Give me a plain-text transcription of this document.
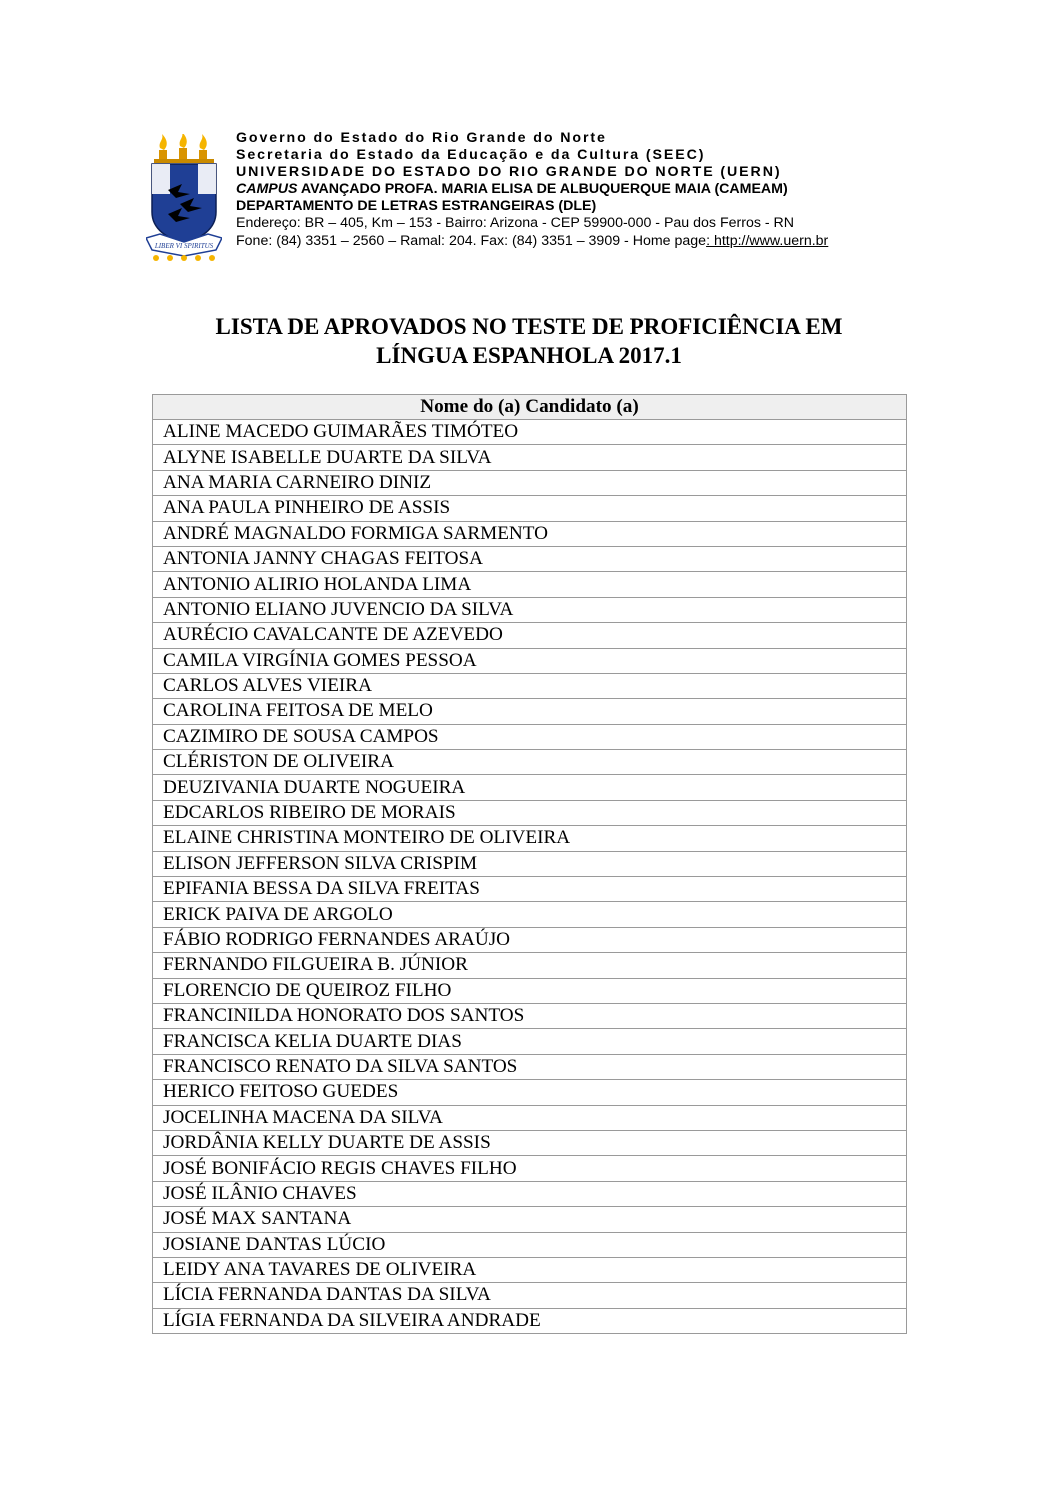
LIBER VI SPIRITUS
Governo do Estado do Rio Grande do Norte
Secretaria do Estado da Educação e da Cultura (SEEC)
UNIVERSIDADE DO ESTADO DO RIO GRANDE DO NORTE (UERN)
CAMPUS AVANÇADO PROFA. MARIA ELISA DE ALBUQUERQUE MAIA (CAMEAM)
DEPARTAMENTO DE LETRAS ESTRANGEIRAS (DLE)
Endereço: BR – 405, Km – 153 - Bairro: Arizona - CEP 59900-000 - Pau dos Ferros - RN
Fone: (84) 3351 – 2560 – Ramal: 204. Fax: (84) 3351 – 3909 - Home page: http://www.uern.br
LISTA DE APROVADOS NO TESTE DE PROFICIÊNCIA EM
LÍNGUA ESPANHOLA 2017.1
Nome do (a) Candidato (a)
ALINE MACEDO GUIMARÃES TIMÓTEO
ALYNE ISABELLE DUARTE DA SILVA
ANA MARIA CARNEIRO DINIZ
ANA PAULA PINHEIRO DE ASSIS
ANDRÉ MAGNALDO FORMIGA SARMENTO
ANTONIA JANNY CHAGAS FEITOSA
ANTONIO ALIRIO HOLANDA LIMA
ANTONIO ELIANO JUVENCIO DA SILVA
AURÉCIO CAVALCANTE DE AZEVEDO
CAMILA VIRGÍNIA GOMES PESSOA
CARLOS ALVES VIEIRA
CAROLINA FEITOSA DE MELO
CAZIMIRO DE SOUSA CAMPOS
CLÉRISTON DE OLIVEIRA
DEUZIVANIA DUARTE NOGUEIRA
EDCARLOS RIBEIRO DE MORAIS
ELAINE CHRISTINA MONTEIRO DE OLIVEIRA
ELISON JEFFERSON SILVA CRISPIM
EPIFANIA BESSA DA SILVA FREITAS
ERICK PAIVA DE ARGOLO
FÁBIO RODRIGO FERNANDES ARAÚJO
FERNANDO FILGUEIRA B. JÚNIOR
FLORENCIO DE QUEIROZ FILHO
FRANCINILDA HONORATO DOS SANTOS
FRANCISCA KELIA DUARTE DIAS
FRANCISCO RENATO DA SILVA SANTOS
HERICO FEITOSO GUEDES
JOCELINHA MACENA DA SILVA
JORDÂNIA KELLY DUARTE DE ASSIS
JOSÉ BONIFÁCIO REGIS CHAVES FILHO
JOSÉ ILÂNIO CHAVES
JOSÉ MAX SANTANA
JOSIANE DANTAS LÚCIO
LEIDY ANA TAVARES DE OLIVEIRA
LÍCIA FERNANDA DANTAS DA SILVA
LÍGIA FERNANDA DA SILVEIRA ANDRADE
